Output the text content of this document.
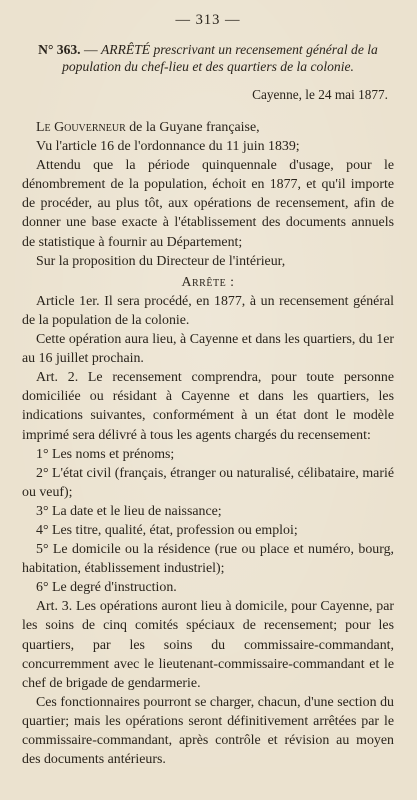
— 313 —
N° 363. — ARRÊTÉ prescrivant un recensement général de la population du chef-lieu et des quartiers de la colonie.
Cayenne, le 24 mai 1877.

Le Gouverneur de la Guyane française,

Vu l'article 16 de l'ordonnance du 11 juin 1839;

Attendu que la période quinquennale d'usage, pour le dénombrement de la population, échoit en 1877, et qu'il importe de procéder, au plus tôt, aux opérations de recensement, afin de donner une base exacte à l'établissement des documents annuels de statistique à fournir au Département;

Sur la proposition du Directeur de l'intérieur,

Arrête :

Article 1er. Il sera procédé, en 1877, à un recensement général de la population de la colonie.

Cette opération aura lieu, à Cayenne et dans les quartiers, du 1er au 16 juillet prochain.

Art. 2. Le recensement comprendra, pour toute personne domiciliée ou résidant à Cayenne et dans les quartiers, les indications suivantes, conformément à un état dont le modèle imprimé sera délivré à tous les agents chargés du recensement:

1° Les noms et prénoms;

2° L'état civil (français, étranger ou naturalisé, célibataire, marié ou veuf);

3° La date et le lieu de naissance;

4° Les titre, qualité, état, profession ou emploi;

5° Le domicile ou la résidence (rue ou place et numéro, bourg, habitation, établissement industriel);

6° Le degré d'instruction.

Art. 3. Les opérations auront lieu à domicile, pour Cayenne, par les soins de cinq comités spéciaux de recensement; pour les quartiers, par les soins du commissaire-commandant, concurremment avec le lieutenant-commissaire-commandant et le chef de brigade de gendarmerie.

Ces fonctionnaires pourront se charger, chacun, d'une section du quartier; mais les opérations seront définitivement arrêtées par le commissaire-commandant, après contrôle et révision au moyen des documents antérieurs.
